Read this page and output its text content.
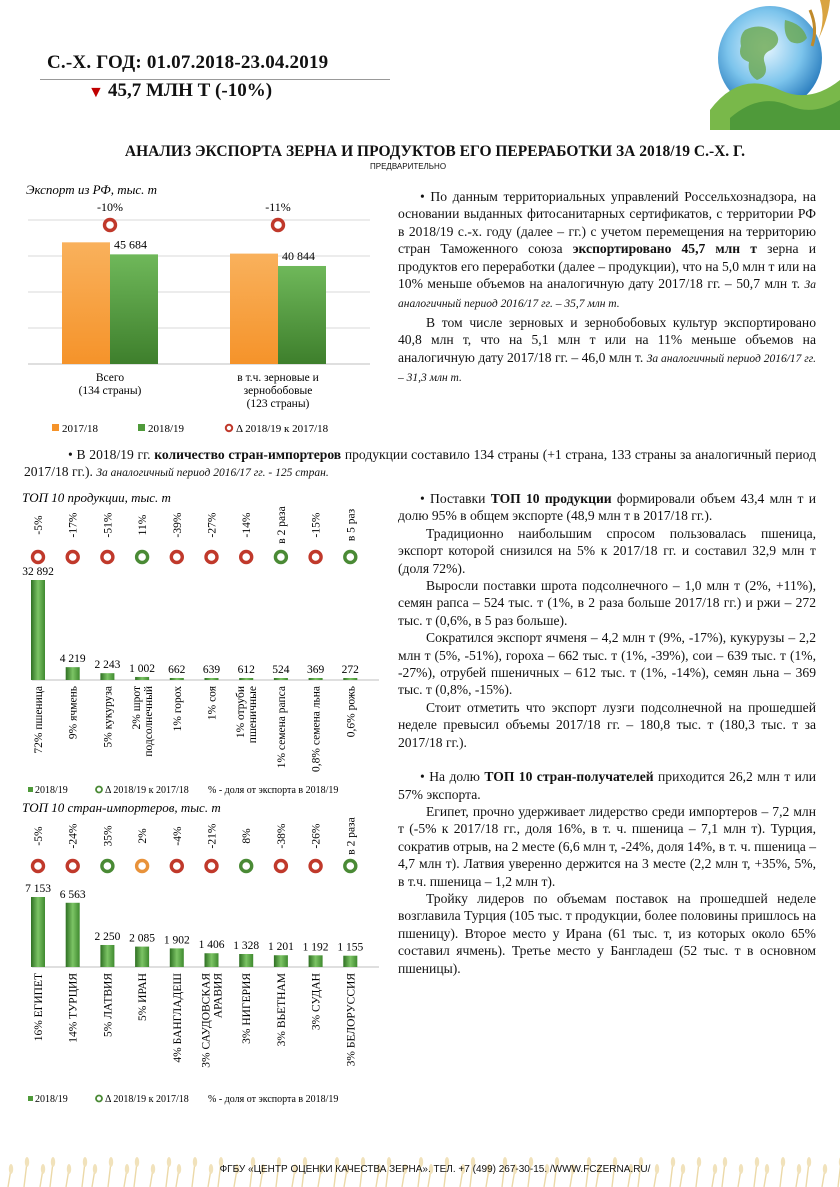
С.-Х. ГОД: 01.07.2018-23.04.2019
▼ 45,7 МЛН Т (-10%)
АНАЛИЗ ЭКСПОРТА ЗЕРНА И ПРОДУКТОВ ЕГО ПЕРЕРАБОТКИ ЗА 2018/19 С.-Х. Г.
ПРЕДВАРИТЕЛЬНО
Экспорт из РФ, тыс. т
45 684
-10%
Всего
(134 страны)
40 844
-11%
в т.ч. зерновые и
зернобобовые
(123 страны)
2017/18	2018/19	Δ 2018/19 к 2017/18

• По данным территориальных управлений Россельхознадзора, на основании выданных фитосанитарных сертификатов, с территории РФ в 2018/19 с.-х. году (далее – гг.) с учетом перемещения на территорию стран Таможенного союза экспортировано 45,7 млн т зерна и продуктов его переработки (далее – продукции), что на 5,0 млн т или на 10% меньше объемов на аналогичную дату 2017/18 гг. – 50,7 млн т. За аналогичный период 2016/17 гг. – 35,7 млн т.

В том числе зерновых и зернобобовых культур экспортировано 40,8 млн т, что на 5,1 млн т или на 11% меньше объемов на аналогичную дату 2017/18 гг. – 46,0 млн т. За аналогичный период 2016/17 гг. – 31,3 млн т.

• В 2018/19 гг. количество стран-импортеров продукции составило 134 страны (+1 страна, 133 страны за аналогичный период 2017/18 гг.). За аналогичный период 2016/17 гг. - 125 стран.

ТОП 10 продукции, тыс. т
32 892
-5%
72% пшеница
4 219
-17%
9% ячмень
2 243
-51%
5% кукуруза
1 002
11%
2% шрот подсолнечный
662
-39%
1% горох
639
-27%
1% соя
612
-14%
1% отруби пшеничные
524
в 2 раза
1% семена рапса
369
-15%
0,8% семена льна
272
в 5 раз
0,6% рожь
2018/19	Δ 2018/19 к 2017/18 % - доля от экспорта в 2018/19
ТОП 10 стран-импортеров, тыс. т
7 153
-5%
16% ЕГИПЕТ
6 563
-24%
14% ТУРЦИЯ
2 250
35%
5% ЛАТВИЯ
2 085
2%
5% ИРАН
1 902
-4%
4% БАНГЛАДЕШ
1 406
-21%
3% САУДОВСКАЯ АРАВИЯ
1 328
8%
3% НИГЕРИЯ
1 201
-38%
3% ВЬЕТНАМ
1 192
-26%
3% СУДАН
1 155
в 2 раза
3% БЕЛОРУССИЯ
2018/19	Δ 2018/19 к 2017/18 % - доля от экспорта в 2018/19

• Поставки ТОП 10 продукции формировали объем 43,4 млн т и долю 95% в общем экспорте (48,9 млн т в 2017/18 гг.).

Традиционно наибольшим спросом пользовалась пшеница, экспорт которой снизился на 5% к 2017/18 гг. и составил 32,9 млн т (доля 72%).

Выросли поставки шрота подсолнечного – 1,0 млн т (2%, +11%), семян рапса – 524 тыс. т (1%, в 2 раза больше 2017/18 гг.) и ржи – 272 тыс. т (0,6%, в 5 раз больше).

Сократился экспорт ячменя – 4,2 млн т (9%, -17%), кукурузы – 2,2 млн т (5%, -51%), гороха – 662 тыс. т (1%, -39%), сои – 639 тыс. т (1%, -27%), отрубей пшеничных – 612 тыс. т (1%, -14%), семян льна – 369 тыс. т (0,8%, -15%).

Стоит отметить что экспорт лузги подсолнечной на прошедшей неделе превысил объемы 2017/18 гг. – 180,8 тыс. т (180,3 тыс. т за 2017/18 гг.).

• На долю ТОП 10 стран-получателей приходится 26,2 млн т или 57% экспорта.

Египет, прочно удерживает лидерство среди импортеров – 7,2 млн т (-5% к 2017/18 гг., доля 16%, в т. ч. пшеница – 7,1 млн т). Турция, сократив отрыв, на 2 месте (6,6 млн т, -24%, доля 14%, в т. ч. пшеница – 4,7 млн т). Латвия уверенно держится на 3 месте (2,2 млн т, +35%, 5%, в т.ч. пшеница – 1,2 млн т).

Тройку лидеров по объемам поставок на прошедшей неделе возглавила Турция (105 тыс. т продукции, более половины пришлось на пшеницу). Второе место у Ирана (61 тыс. т, из которых около 65% составил ячмень). Третье место у Бангладеш (52 тыс. т в основном пшеницы).

ФГБУ «ЦЕНТР ОЦЕНКИ КАЧЕСТВА ЗЕРНА». ТЕЛ. +7 (499) 267-30-15. /WWW.FCZERNA.RU/
